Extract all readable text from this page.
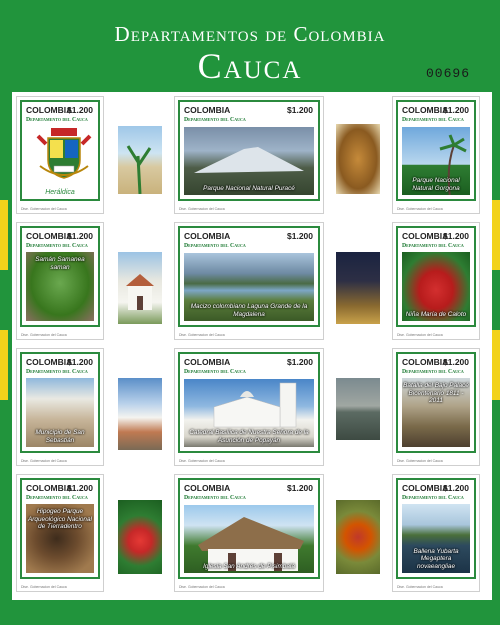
Departamentos de Colombia
Cauca	00696
COLOMBIA
$1.200
Departamento del Cauca
Heráldica
Dise. Gobernacion del Cauca
COLOMBIA	$1.200
Departamento del Cauca
Parque Nacional Natural Puracé
Dise. Gobernacion del Cauca
COLOMBIA
$1.200
Departamento del Cauca
Parque Nacional Natural Gorgona
Dise. Gobernacion del Cauca
COLOMBIA
$1.200
Departamento del Cauca
Samán Samanea saman
Dise. Gobernacion del Cauca
COLOMBIA	$1.200
Departamento del Cauca
Macizo colombiano Laguna Grande de la Magdalena
Dise. Gobernacion del Cauca
COLOMBIA
$1.200
Departamento del Cauca
Niña María de Caloto
Dise. Gobernacion del Cauca
COLOMBIA
$1.200
Departamento del Cauca
Municipio de San Sebastián
Dise. Gobernacion del Cauca
COLOMBIA	$1.200
Departamento del Cauca
Catedral Basílica de Nuestra Señora de la Asunción de Popayán
Dise. Gobernacion del Cauca
COLOMBIA
$1.200
Departamento del Cauca
Batalla del Bajo Palacé Bicentenario 1811 - 2011
Dise. Gobernacion del Cauca
COLOMBIA
$1.200
Departamento del Cauca
Hipogeo Parque Arqueológico Nacional de Tierradentro
Dise. Gobernacion del Cauca
COLOMBIA	$1.200
Departamento del Cauca
Iglesia San Andrés de Pisimbalá
Dise. Gobernacion del Cauca
COLOMBIA
$1.200
Departamento del Cauca
Ballena Yubarta Megaptera novaeangliae
Dise. Gobernacion del Cauca
